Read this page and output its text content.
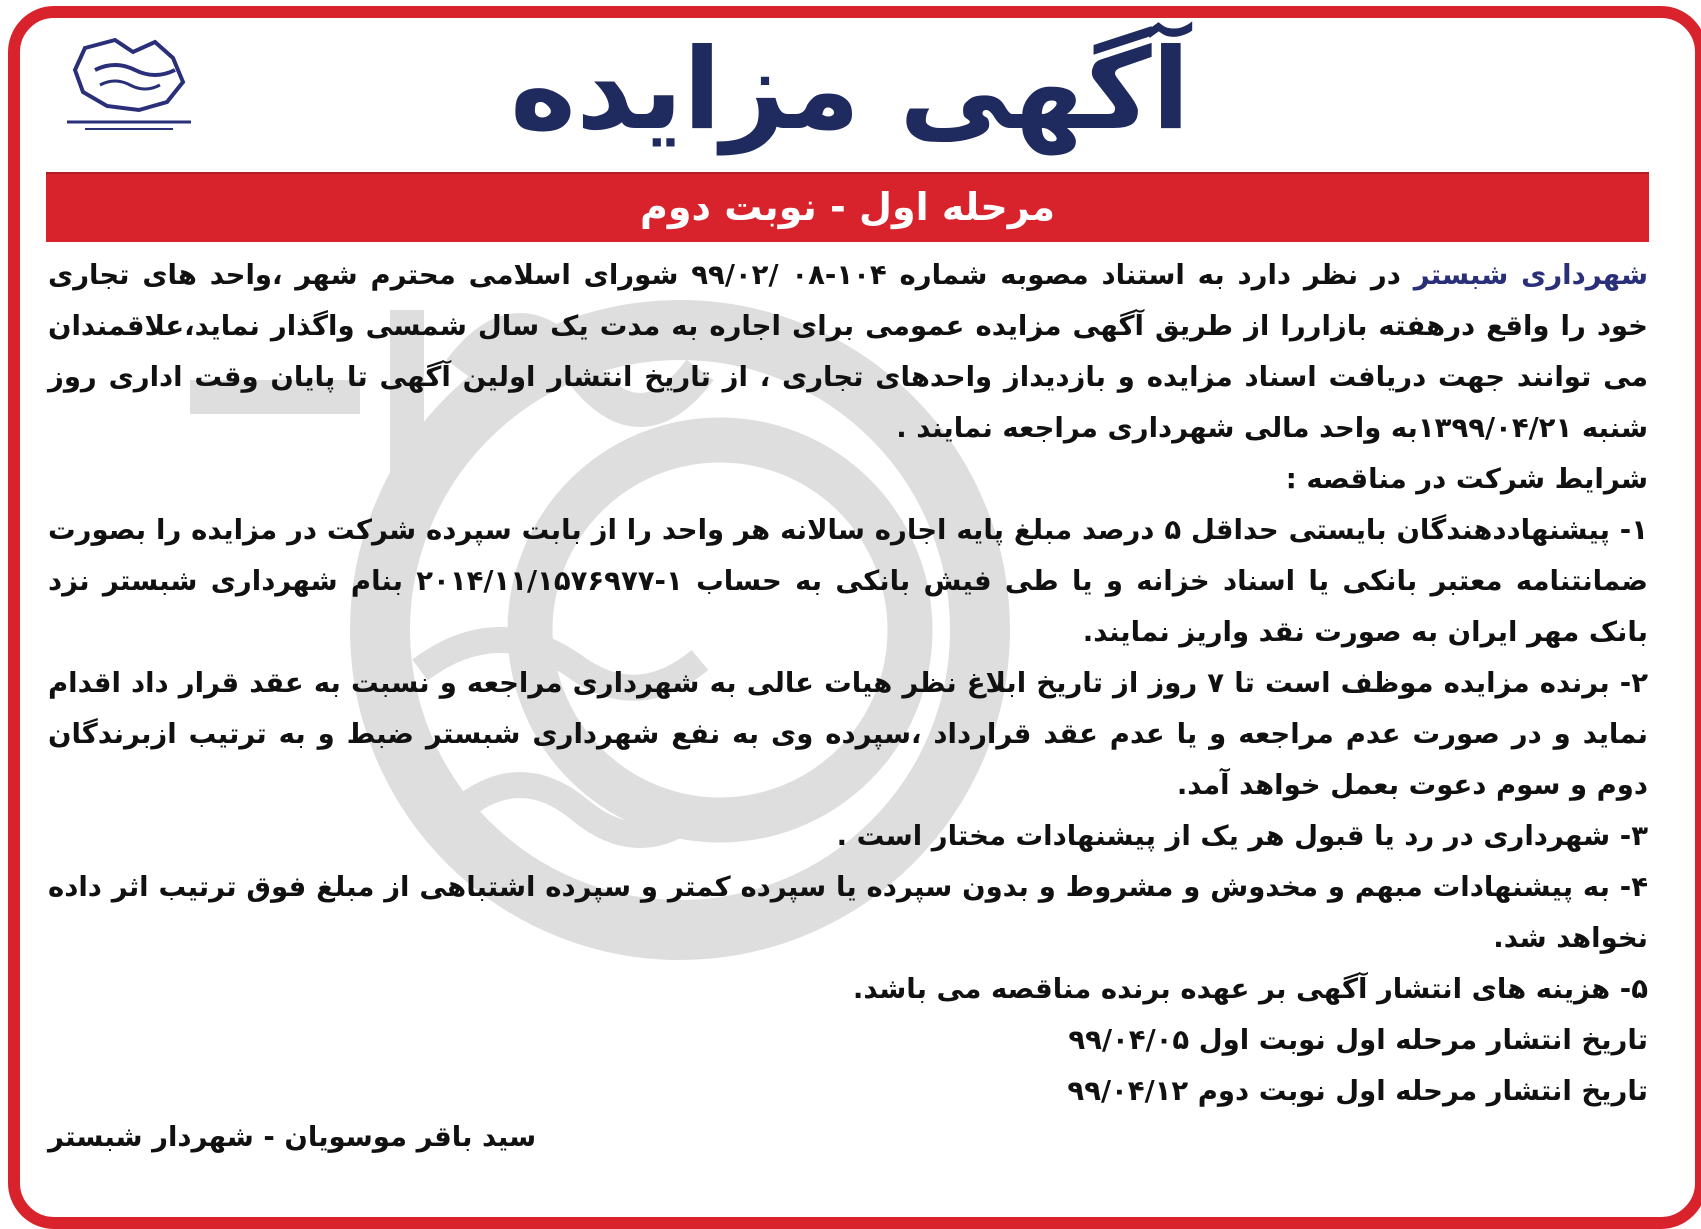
آگهی مزایده
مرحله اول - نوبت دوم

شهرداری شبستر در نظر دارد به استناد مصوبه شماره ۱۰۴-۰۸ /۹۹/۰۲ شورای اسلامی محترم شهر ،واحد های تجاری خود را واقع درهفته بازاررا از طریق آگهی مزایده عمومی برای اجاره به مدت یک سال شمسی واگذار نماید،علاقمندان می توانند جهت دریافت اسناد مزایده و بازدیداز واحدهای تجاری ، از تاریخ انتشار اولین آگهی تا پایان وقت اداری روز شنبه ۱۳۹۹/۰۴/۲۱به واحد مالی شهرداری مراجعه نمایند .

شرایط شرکت در مناقصه :

۱- پیشنهاددهندگان بایستی حداقل ۵ درصد مبلغ پایه اجاره سالانه هر واحد را از بابت سپرده شرکت در مزایده را بصورت ضمانتنامه معتبر بانکی یا اسناد خزانه و یا طی فیش بانکی به حساب ۱-۲۰۱۴/۱۱/۱۵۷۶۹۷۷ بنام شهرداری شبستر نزد بانک مهر ایران به صورت نقد واریز نمایند.

۲- برنده مزایده موظف است تا ۷ روز از تاریخ ابلاغ نظر هیات عالی به شهرداری مراجعه و نسبت به عقد قرار داد اقدام نماید و در صورت عدم مراجعه و یا عدم عقد قرارداد ،سپرده وی به نفع شهرداری شبستر ضبط و به ترتیب ازبرندگان دوم و سوم دعوت بعمل خواهد آمد.

۳- شهرداری در رد یا قبول هر یک از پیشنهادات مختار است .

۴- به پیشنهادات مبهم و مخدوش و مشروط و بدون سپرده یا سپرده کمتر و سپرده اشتباهی از مبلغ فوق ترتیب اثر داده نخواهد شد.

۵- هزینه های انتشار آگهی بر عهده برنده مناقصه می باشد.

تاریخ انتشار مرحله اول نوبت اول ۹۹/۰۴/۰۵

تاریخ انتشار مرحله اول نوبت دوم ۹۹/۰۴/۱۲

سید باقر موسویان - شهردار شبستر
